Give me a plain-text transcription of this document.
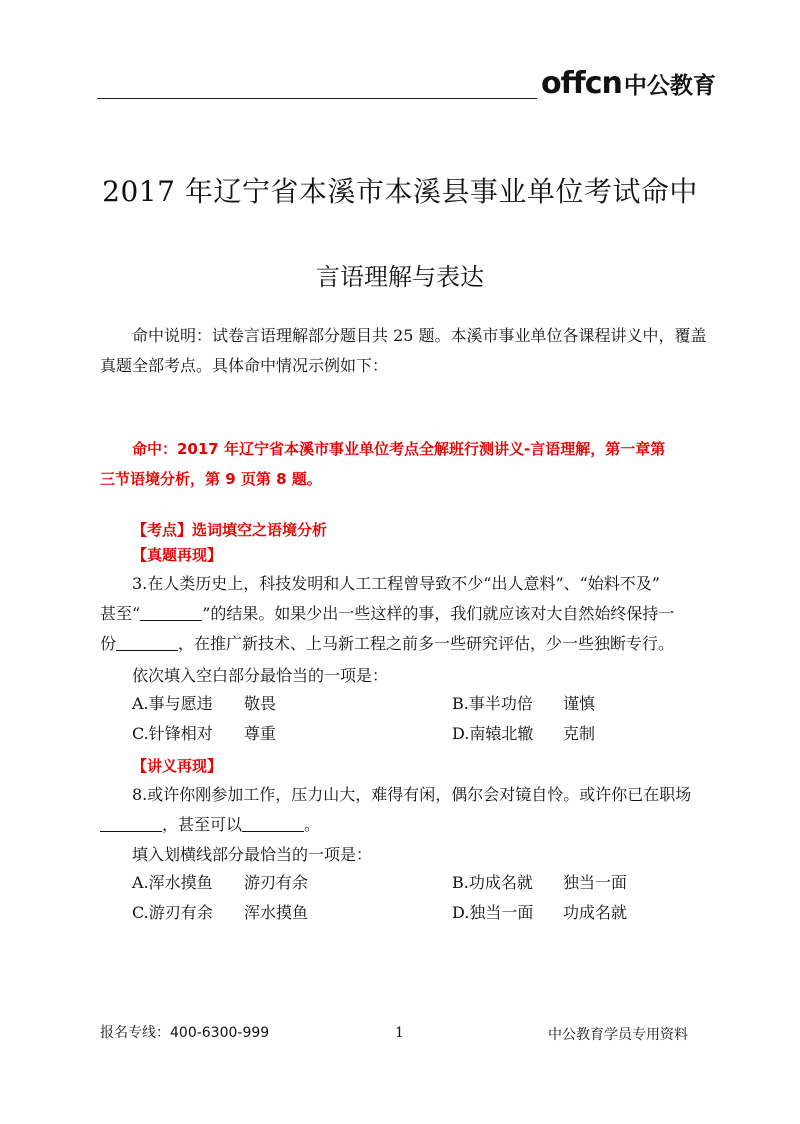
offcn中公教育
2017 年辽宁省本溪市本溪县事业单位考试命中
言语理解与表达
命中说明：试卷言语理解部分题目共 25 题。本溪市事业单位各课程讲义中，覆盖
真题全部考点。具体命中情况示例如下：
命中：2017 年辽宁省本溪市事业单位考点全解班行测讲义-言语理解，第一章第
三节语境分析，第 9 页第 8 题。
【考点】选词填空之语境分析
【真题再现】
3.在人类历史上，科技发明和人工工程曾导致不少“出人意料”、“始料不及”
甚至“	”的结果。如果少出一些这样的事，我们就应该对大自然始终保持一
份	，在推广新技术、上马新工程之前多一些研究评估，少一些独断专行。
依次填入空白部分最恰当的一项是：
A.事与愿违 敬畏	B.事半功倍 谨慎
C.针锋相对 尊重	D.南辕北辙 克制
【讲义再现】
8.或许你刚参加工作，压力山大，难得有闲，偶尔会对镜自怜。或许你已在职场
，甚至可以	。
填入划横线部分最恰当的一项是：
A.浑水摸鱼 游刃有余	B.功成名就 独当一面
C.游刃有余 浑水摸鱼	D.独当一面 功成名就
报名专线：400-6300-999	1	中公教育学员专用资料
